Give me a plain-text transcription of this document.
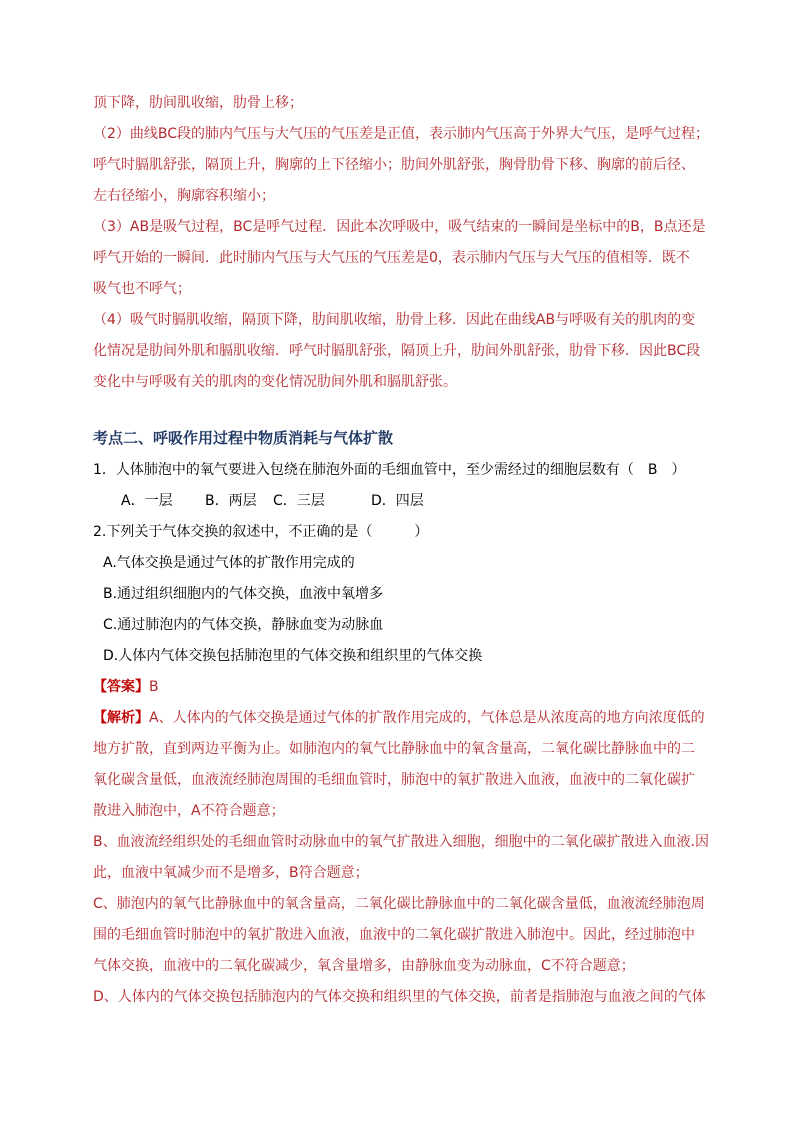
顶下降，肋间肌收缩，肋骨上移；
（2）曲线BC段的肺内气压与大气压的气压差是正值，表示肺内气压高于外界大气压，是呼气过程；
呼气时膈肌舒张，隔顶上升，胸廓的上下径缩小；肋间外肌舒张，胸骨肋骨下移、胸廓的前后径、
左右径缩小，胸廓容积缩小；
（3）AB是吸气过程，BC是呼气过程．因此本次呼吸中，吸气结束的一瞬间是坐标中的B，B点还是
呼气开始的一瞬间．此时肺内气压与大气压的气压差是0，表示肺内气压与大气压的值相等．既不
吸气也不呼气；
（4）吸气时膈肌收缩，隔顶下降，肋间肌收缩，肋骨上移．因此在曲线AB与呼吸有关的肌肉的变
化情况是肋间外肌和膈肌收缩．呼气时膈肌舒张，隔顶上升，肋间外肌舒张，肋骨下移．因此BC段
变化中与呼吸有关的肌肉的变化情况肋间外肌和膈肌舒张。
考点二、呼吸作用过程中物质消耗与气体扩散
1．人体肺泡中的氧气要进入包绕在肺泡外面的毛细血管中，至少需经过的细胞层数有（　B　）
A．一层 B．两层 C．三层	D．四层
2.下列关于气体交换的叙述中，不正确的是（　　　）
A.气体交换是通过气体的扩散作用完成的
B.通过组织细胞内的气体交换，血液中氧增多
C.通过肺泡内的气体交换，静脉血变为动脉血
D.人体内气体交换包括肺泡里的气体交换和组织里的气体交换
【答案】B
【解析】A、人体内的气体交换是通过气体的扩散作用完成的，气体总是从浓度高的地方向浓度低的
地方扩散，直到两边平衡为止。如肺泡内的氧气比静脉血中的氧含量高，二氧化碳比静脉血中的二
氧化碳含量低，血液流经肺泡周围的毛细血管时，肺泡中的氧扩散进入血液，血液中的二氧化碳扩
散进入肺泡中，A不符合题意；
B、血液流经组织处的毛细血管时动脉血中的氧气扩散进入细胞，细胞中的二氧化碳扩散进入血液.因
此，血液中氧减少而不是增多，B符合题意；
C、肺泡内的氧气比静脉血中的氧含量高，二氧化碳比静脉血中的二氧化碳含量低，血液流经肺泡周
围的毛细血管时肺泡中的氧扩散进入血液，血液中的二氧化碳扩散进入肺泡中。因此，经过肺泡中
气体交换，血液中的二氧化碳减少，氧含量增多，由静脉血变为动脉血，C不符合题意；
D、人体内的气体交换包括肺泡内的气体交换和组织里的气体交换，前者是指肺泡与血液之间的气体
